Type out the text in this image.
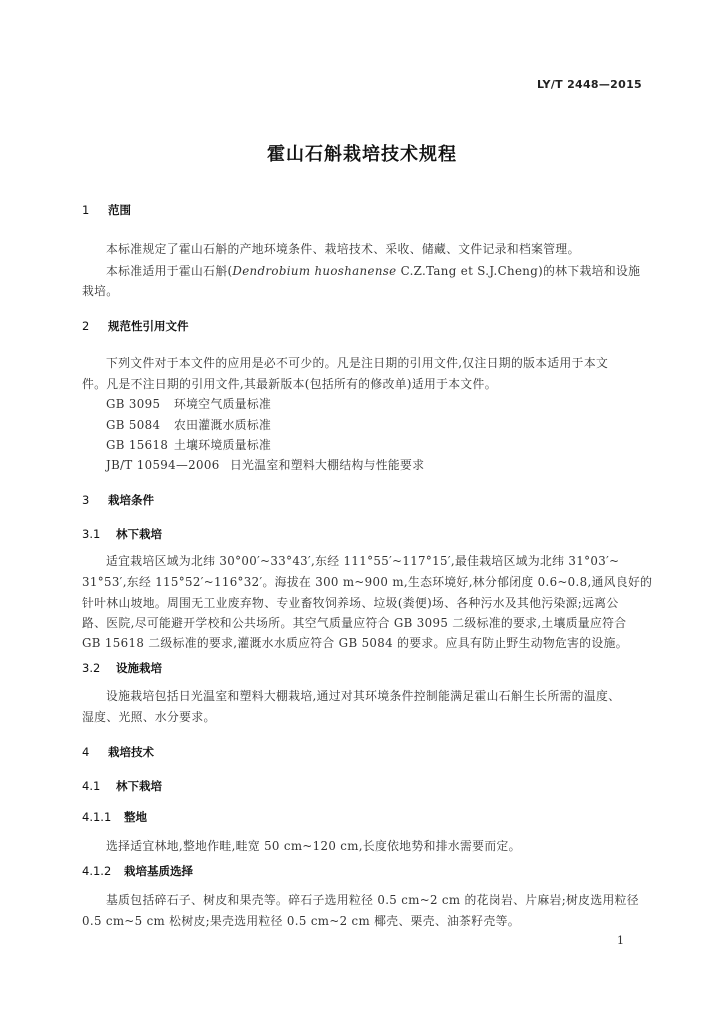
LY/T 2448—2015
霍山石斛栽培技术规程
1 范围
本标准规定了霍山石斛的产地环境条件、栽培技术、采收、储藏、文件记录和档案管理。
本标准适用于霍山石斛(Dendrobium huoshanense C.Z.Tang et S.J.Cheng)的林下栽培和设施
栽培。
2 规范性引用文件
下列文件对于本文件的应用是必不可少的。凡是注日期的引用文件,仅注日期的版本适用于本文
件。凡是不注日期的引用文件,其最新版本(包括所有的修改单)适用于本文件。
GB 3095 环境空气质量标准
GB 5084 农田灌溉水质标准
GB 15618 土壤环境质量标准
JB/T 10594—2006 日光温室和塑料大棚结构与性能要求
3 栽培条件
3.1 林下栽培
适宜栽培区域为北纬 30°00′~33°43′,东经 111°55′~117°15′,最佳栽培区域为北纬 31°03′~
31°53′,东经 115°52′~116°32′。海拔在 300 m~900 m,生态环境好,林分郁闭度 0.6~0.8,通风良好的
针叶林山坡地。周围无工业废弃物、专业畜牧饲养场、垃圾(粪便)场、各种污水及其他污染源;远离公
路、医院,尽可能避开学校和公共场所。其空气质量应符合 GB 3095 二级标准的要求,土壤质量应符合
GB 15618 二级标准的要求,灌溉水水质应符合 GB 5084 的要求。应具有防止野生动物危害的设施。
3.2 设施栽培
设施栽培包括日光温室和塑料大棚栽培,通过对其环境条件控制能满足霍山石斛生长所需的温度、
湿度、光照、水分要求。
4 栽培技术
4.1 林下栽培
4.1.1 整地
选择适宜林地,整地作畦,畦宽 50 cm~120 cm,长度依地势和排水需要而定。
4.1.2 栽培基质选择
基质包括碎石子、树皮和果壳等。碎石子选用粒径 0.5 cm~2 cm 的花岗岩、片麻岩;树皮选用粒径
0.5 cm~5 cm 松树皮;果壳选用粒径 0.5 cm~2 cm 椰壳、栗壳、油茶籽壳等。
1
